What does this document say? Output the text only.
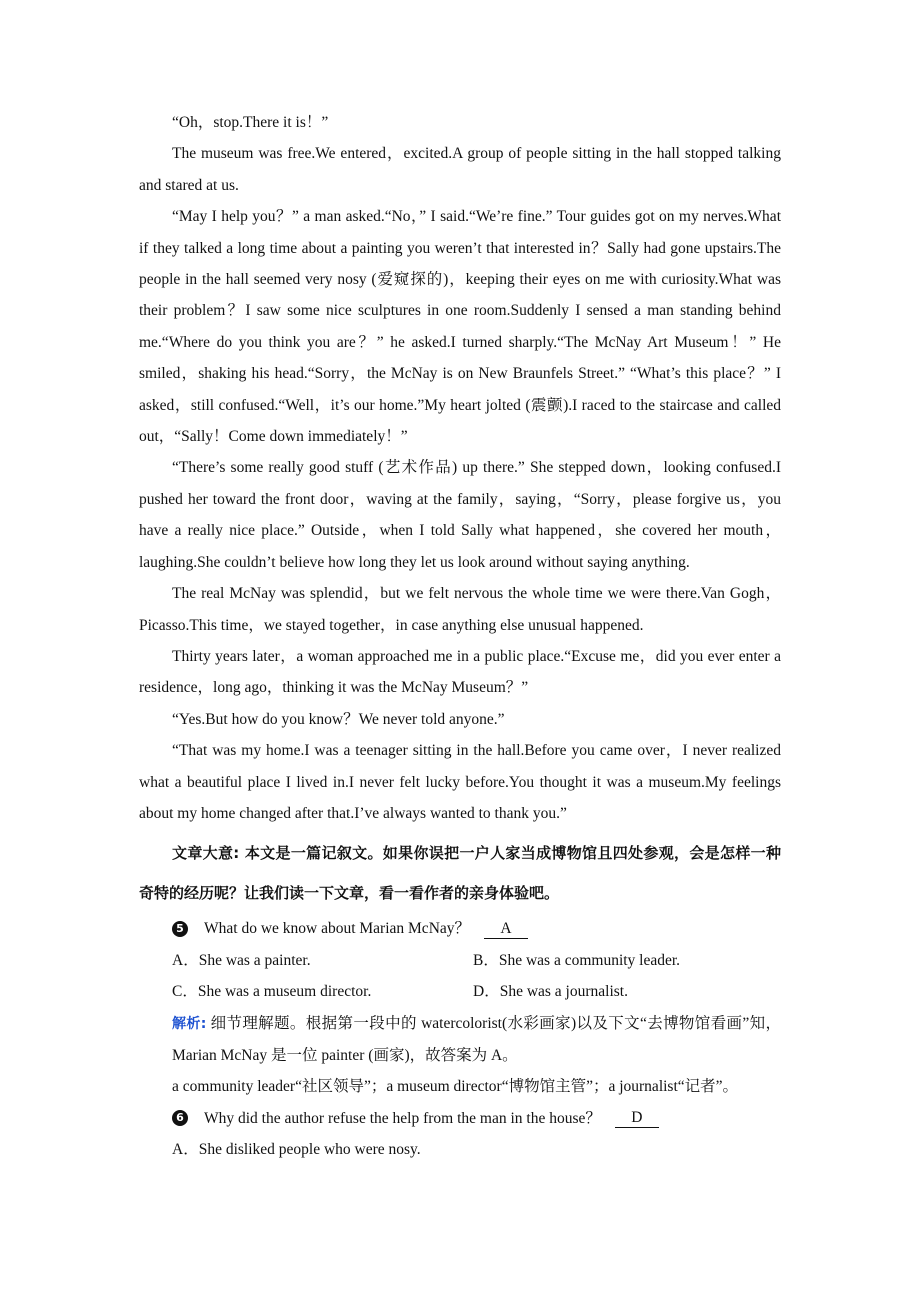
“Oh，stop.There it is！”

The museum was free.We entered，excited.A group of people sitting in the hall stopped talking and stared at us.

“May I help you？” a man asked.“No，” I said.“We’re fine.” Tour guides got on my nerves.What if they talked a long time about a painting you weren’t that interested in？Sally had gone upstairs.The people in the hall seemed very nosy (爱窥探的)，keeping their eyes on me with curiosity.What was their problem？I saw some nice sculptures in one room.Suddenly I sensed a man standing behind me.“Where do you think you are？” he asked.I turned sharply.“The McNay Art Museum！” He smiled，shaking his head.“Sorry，the McNay is on New Braunfels Street.” “What’s this place？” I asked，still confused.“Well，it’s our home.”My heart jolted (震颤).I raced to the staircase and called out，“Sally！Come down immediately！”

“There’s some really good stuff (艺术作品) up there.” She stepped down，looking confused.I pushed her toward the front door，waving at the family，saying，“Sorry，please forgive us，you have a really nice place.” Outside，when I told Sally what happened，she covered her mouth，laughing.She couldn’t believe how long they let us look around without saying anything.

The real McNay was splendid，but we felt nervous the whole time we were there.Van Gogh，Picasso.This time，we stayed together，in case anything else unusual happened.

Thirty years later，a woman approached me in a public place.“Excuse me，did you ever enter a residence，long ago，thinking it was the McNay Museum？”

“Yes.But how do you know？We never told anyone.”

“That was my home.I was a teenager sitting in the hall.Before you came over，I never realized what a beautiful place I lived in.I never felt lucky before.You thought it was a museum.My feelings about my home changed after that.I’ve always wanted to thank you.”

文章大意: 本文是一篇记叙文。如果你误把一户人家当成博物馆且四处参观，会是怎样一种奇特的经历呢？让我们读一下文章，看一看作者的亲身体验吧。
5 What do we know about Marian McNay？	A
A．She was a painter.	B．She was a community leader.
C．She was a museum director.	D．She was a journalist.
解析: 细节理解题。根据第一段中的 watercolorist(水彩画家)以及下文“去博物馆看画”知，Marian McNay 是一位 painter (画家)，故答案为 A。
a community leader“社区领导”；a museum director“博物馆主管”；a journalist“记者”。
6 Why did the author refuse the help from the man in the house？	D
A．She disliked people who were nosy.
